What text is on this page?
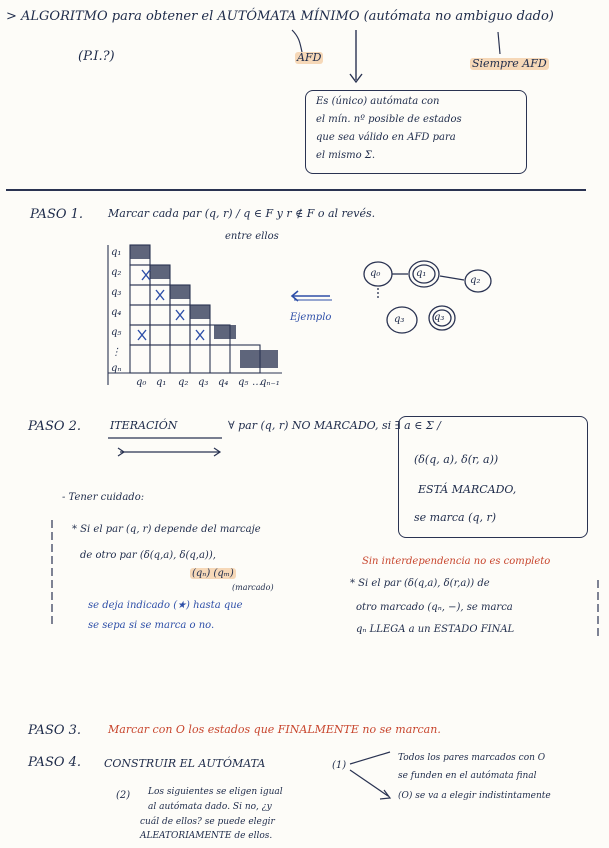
> ALGORITMO para obtener el AUTÓMATA MÍNIMO (autómata no ambiguo dado)
(P.I.?)	AFD	Siempre AFD
Es (único) autómata con
el mín. nº posible de estados
que sea válido en AFD para
el mismo Σ.
PASO 1. Marcar cada par (q, r) / q ∈ F y r ∉ F o al revés.
entre ellos
q₁
q₂
q₃
q₄
q₅
⋮
qₙ
q₀ q₁ q₂ q₃ q₄ q₅ …
qₙ₋₁
Ejemplo
q₀	q₁
q₂
q₃	q₃
PASO 2.	ITERACIÓN	∀ par (q, r) NO MARCADO, si ∃ a ∈ Σ /
(δ(q, a), δ(r, a))
ESTÁ MARCADO,
se marca (q, r)
- Tener cuidado:
* Si el par (q, r) depende del marcaje
de otro par (δ(q,a), δ(q,a)),
(qₙ) (qₘ)
(marcado)
se deja indicado (★) hasta que
se sepa si se marca o no.
Sin interdependencia no es completo
* Si el par (δ(q,a), δ(r,a)) de
otro marcado (qₙ, −), se marca
qₙ LLEGA a un ESTADO FINAL
PASO 3. Marcar con O los estados que FINALMENTE no se marcan.
PASO 4. CONSTRUIR EL AUTÓMATA	(1)
Todos los pares marcados con O
se funden en el autómata final
(O) se va a elegir indistintamente
(2) Los siguientes se eligen igual
al autómata dado. Si no, ¿y
cuál de ellos? se puede elegir
ALEATORIAMENTE de ellos.
